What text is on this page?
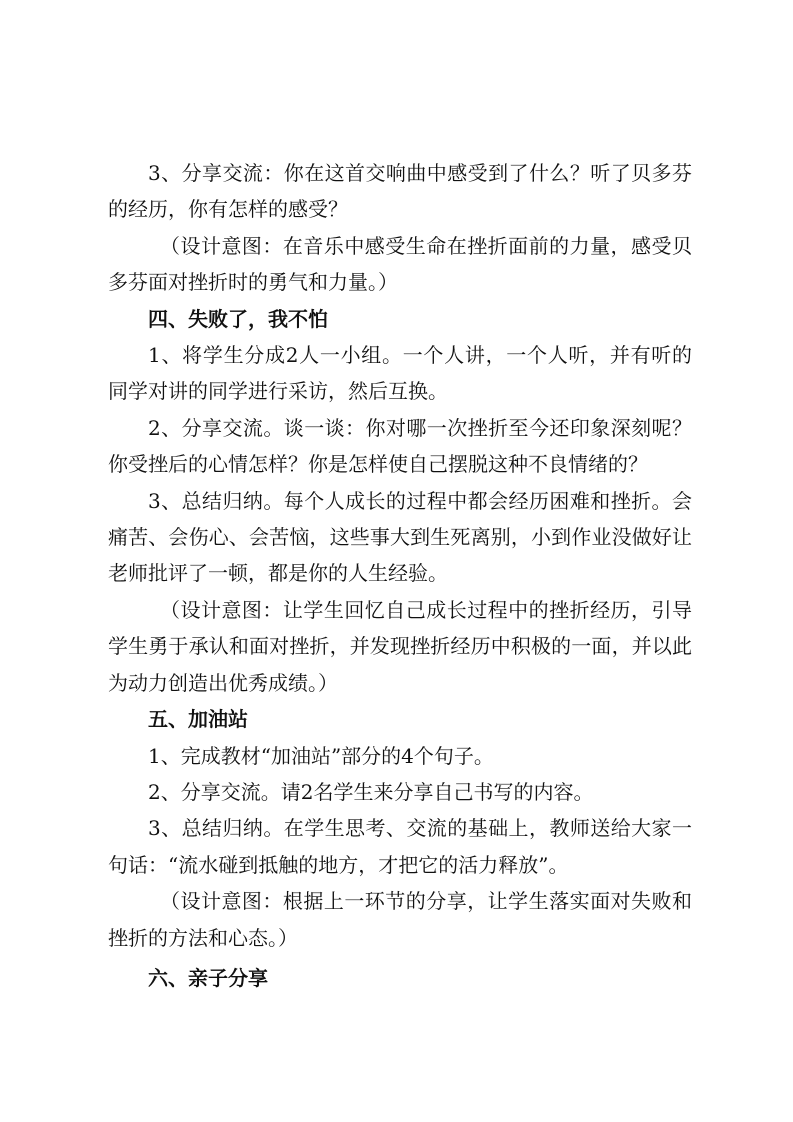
3、分享交流：你在这首交响曲中感受到了什么？听了贝多芬的经历，你有怎样的感受？

（设计意图：在音乐中感受生命在挫折面前的力量，感受贝多芬面对挫折时的勇气和力量。）

四、失败了，我不怕

1、将学生分成2人一小组。一个人讲，一个人听，并有听的同学对讲的同学进行采访，然后互换。

2、分享交流。谈一谈：你对哪一次挫折至今还印象深刻呢？你受挫后的心情怎样？你是怎样使自己摆脱这种不良情绪的？

3、总结归纳。每个人成长的过程中都会经历困难和挫折。会痛苦、会伤心、会苦恼，这些事大到生死离别，小到作业没做好让老师批评了一顿，都是你的人生经验。

（设计意图：让学生回忆自己成长过程中的挫折经历，引导学生勇于承认和面对挫折，并发现挫折经历中积极的一面，并以此为动力创造出优秀成绩。）

五、加油站

1、完成教材“加油站”部分的4个句子。

2、分享交流。请2名学生来分享自己书写的内容。

3、总结归纳。在学生思考、交流的基础上，教师送给大家一句话：“流水碰到抵触的地方，才把它的活力释放”。

（设计意图：根据上一环节的分享，让学生落实面对失败和挫折的方法和心态。）

六、亲子分享
